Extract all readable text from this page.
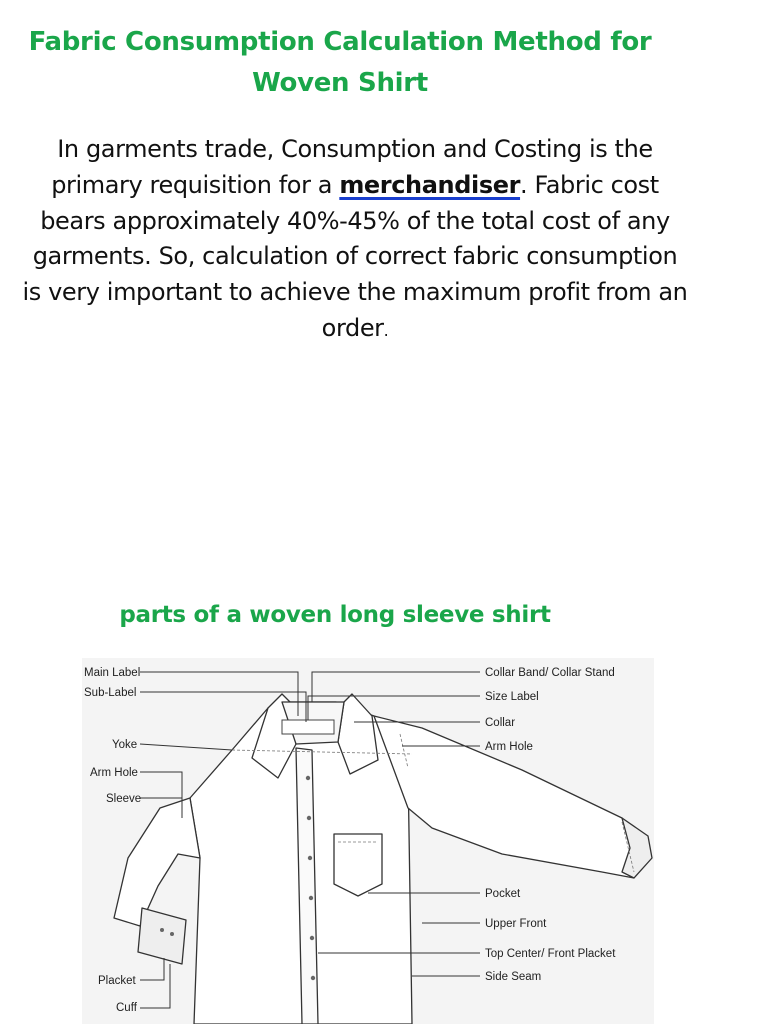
Fabric Consumption Calculation Method for
Woven Shirt
In garments trade, Consumption and Costing is the primary requisition for a merchandiser. Fabric cost bears approximately 40%-45% of the total cost of any garments. So, calculation of correct fabric consumption is very important to achieve the maximum profit from an order.
parts of a woven long sleeve shirt
Main Label
Sub-Label
Yoke
Arm Hole
Sleeve
Placket
Cuff
Collar Band/ Collar Stand
Size Label
Collar
Arm Hole
Pocket
Upper Front
Top Center/ Front Placket
Side Seam
